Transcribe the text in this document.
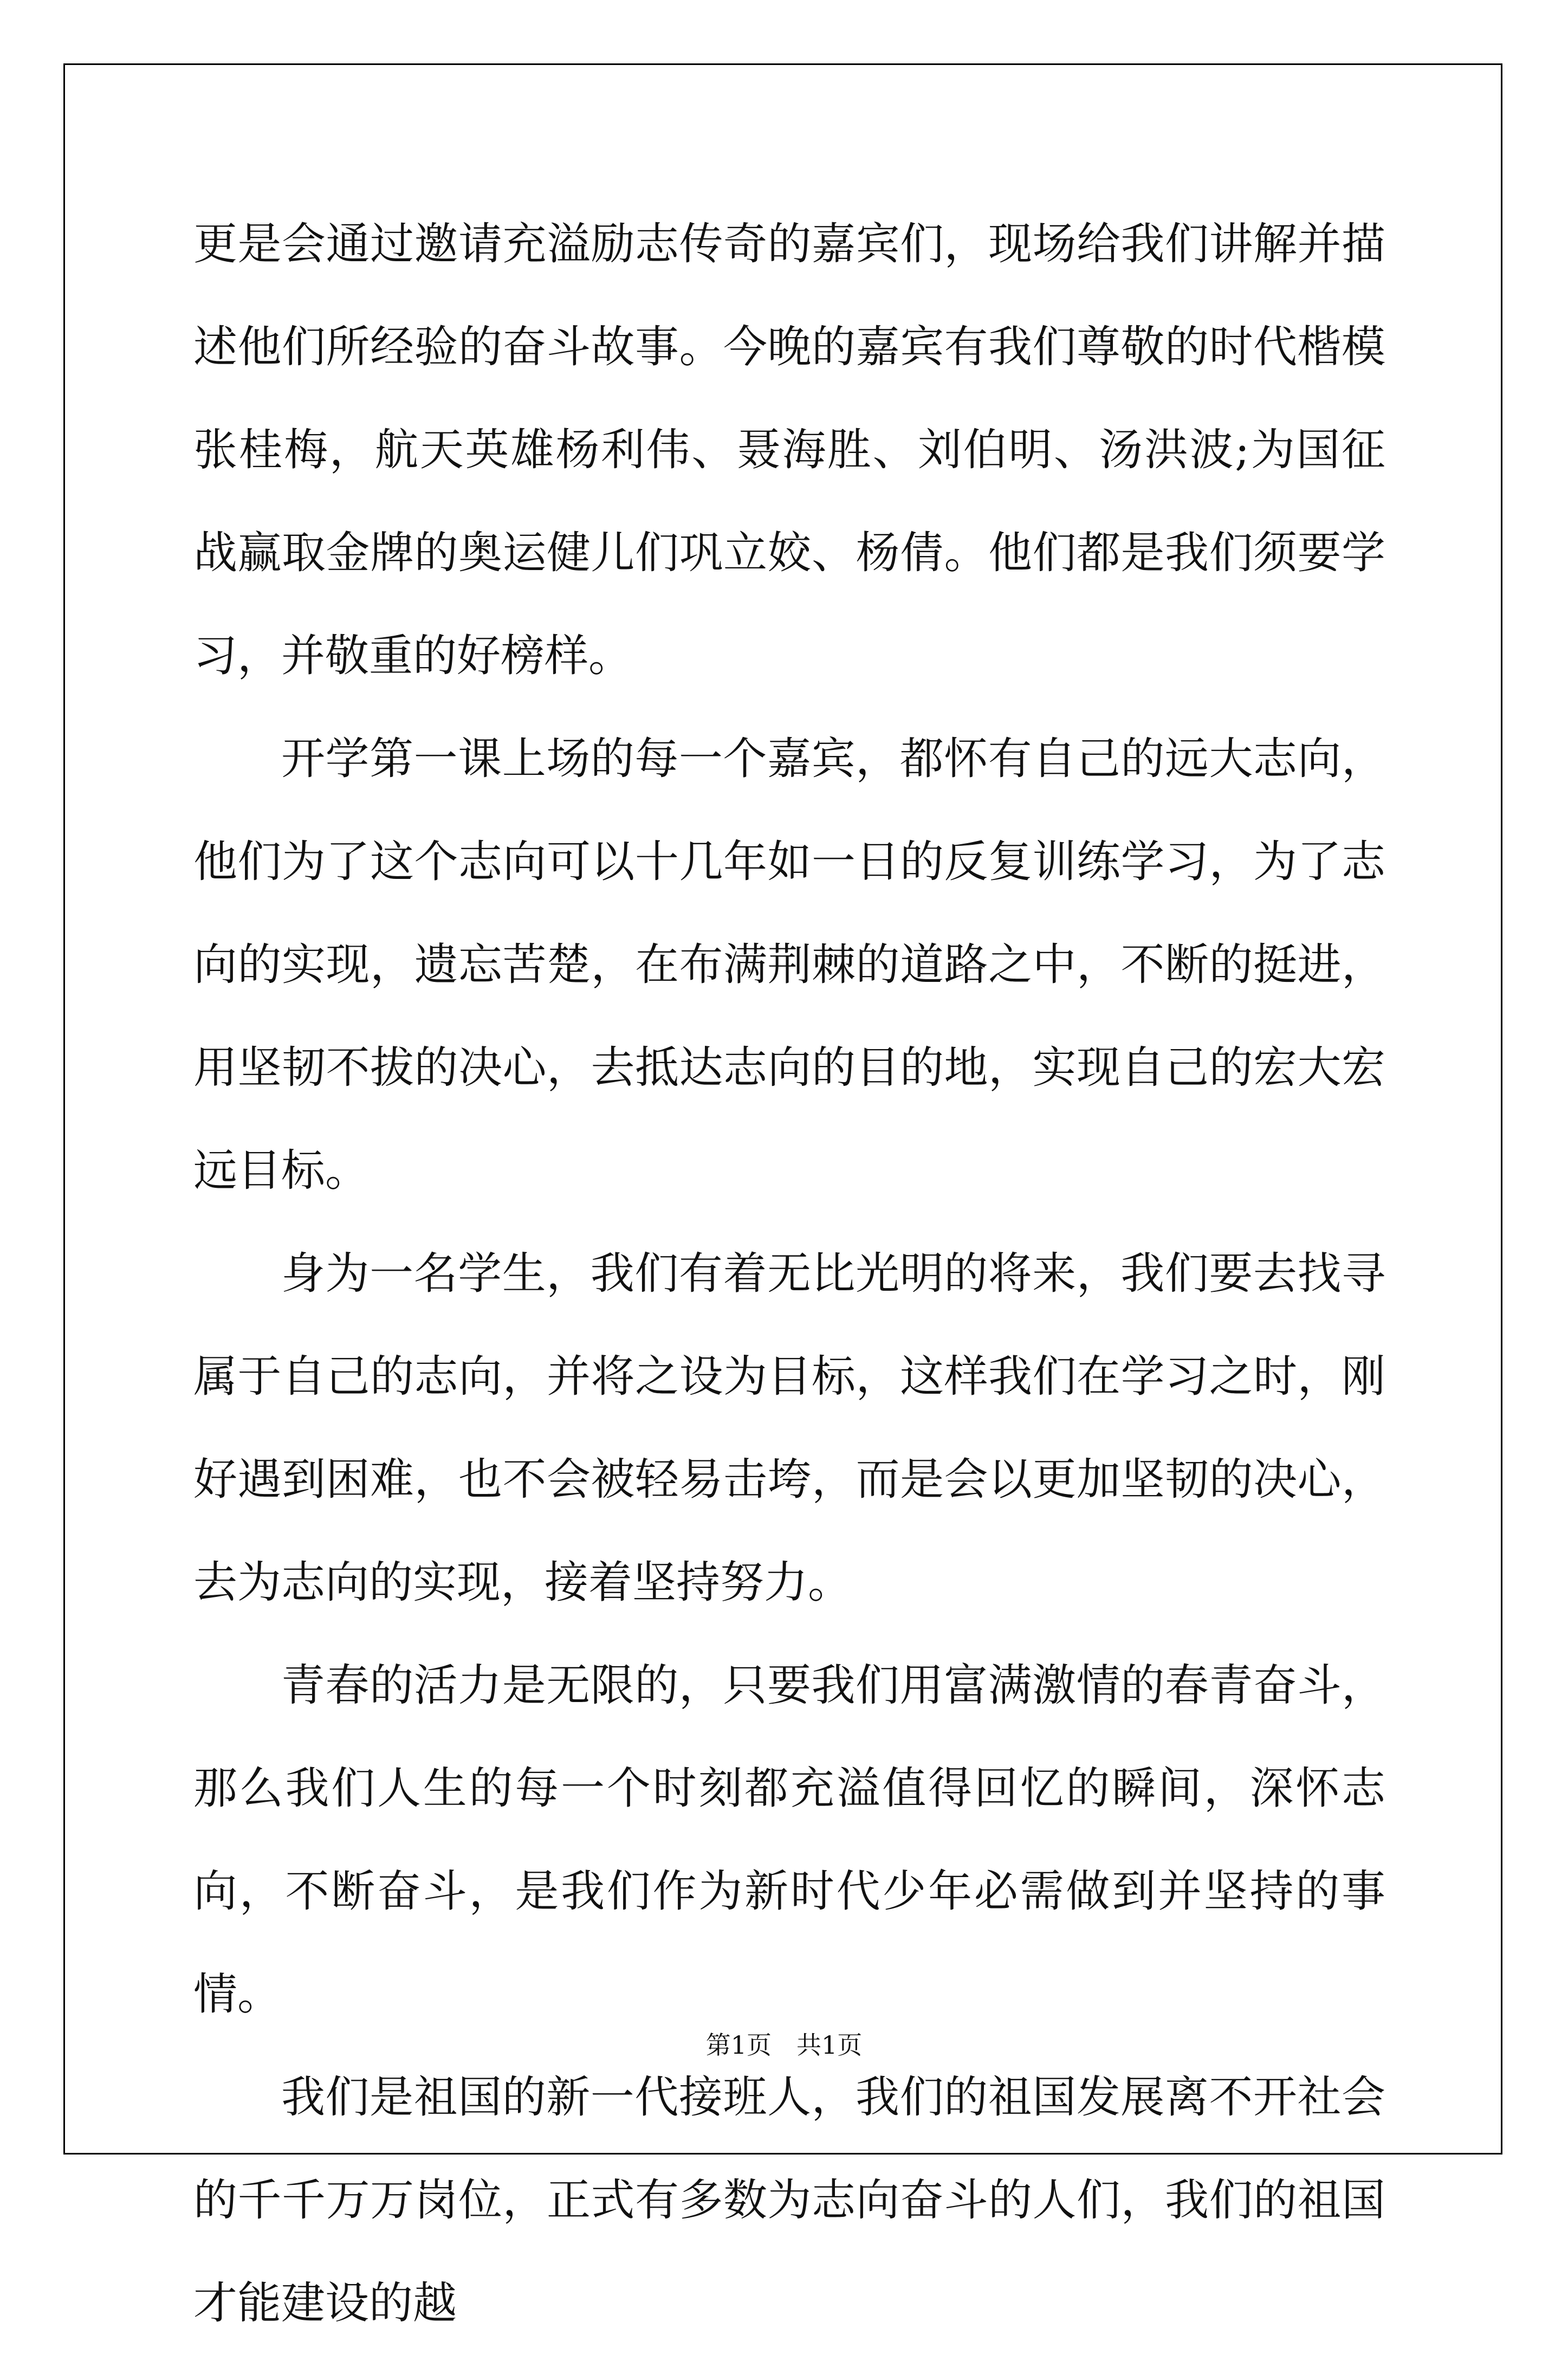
更是会通过邀请充溢励志传奇的嘉宾们，现场给我们讲解并描述他们所经验的奋斗故事。今晚的嘉宾有我们尊敬的时代楷模张桂梅，航天英雄杨利伟、聂海胜、刘伯明、汤洪波;为国征战赢取金牌的奥运健儿们巩立姣、杨倩。他们都是我们须要学习，并敬重的好榜样。

开学第一课上场的每一个嘉宾，都怀有自己的远大志向，他们为了这个志向可以十几年如一日的反复训练学习，为了志向的实现，遗忘苦楚，在布满荆棘的道路之中，不断的挺进，用坚韧不拔的决心，去抵达志向的目的地，实现自己的宏大宏远目标。

身为一名学生，我们有着无比光明的将来，我们要去找寻属于自己的志向，并将之设为目标，这样我们在学习之时，刚好遇到困难，也不会被轻易击垮，而是会以更加坚韧的决心，去为志向的实现，接着坚持努力。

青春的活力是无限的，只要我们用富满激情的春青奋斗，那么我们人生的每一个时刻都充溢值得回忆的瞬间，深怀志向，不断奋斗，是我们作为新时代少年必需做到并坚持的事情。

我们是祖国的新一代接班人，我们的祖国发展离不开社会的千千万万岗位，正式有多数为志向奋斗的人们，我们的祖国才能建设的越

第1页　共1页
